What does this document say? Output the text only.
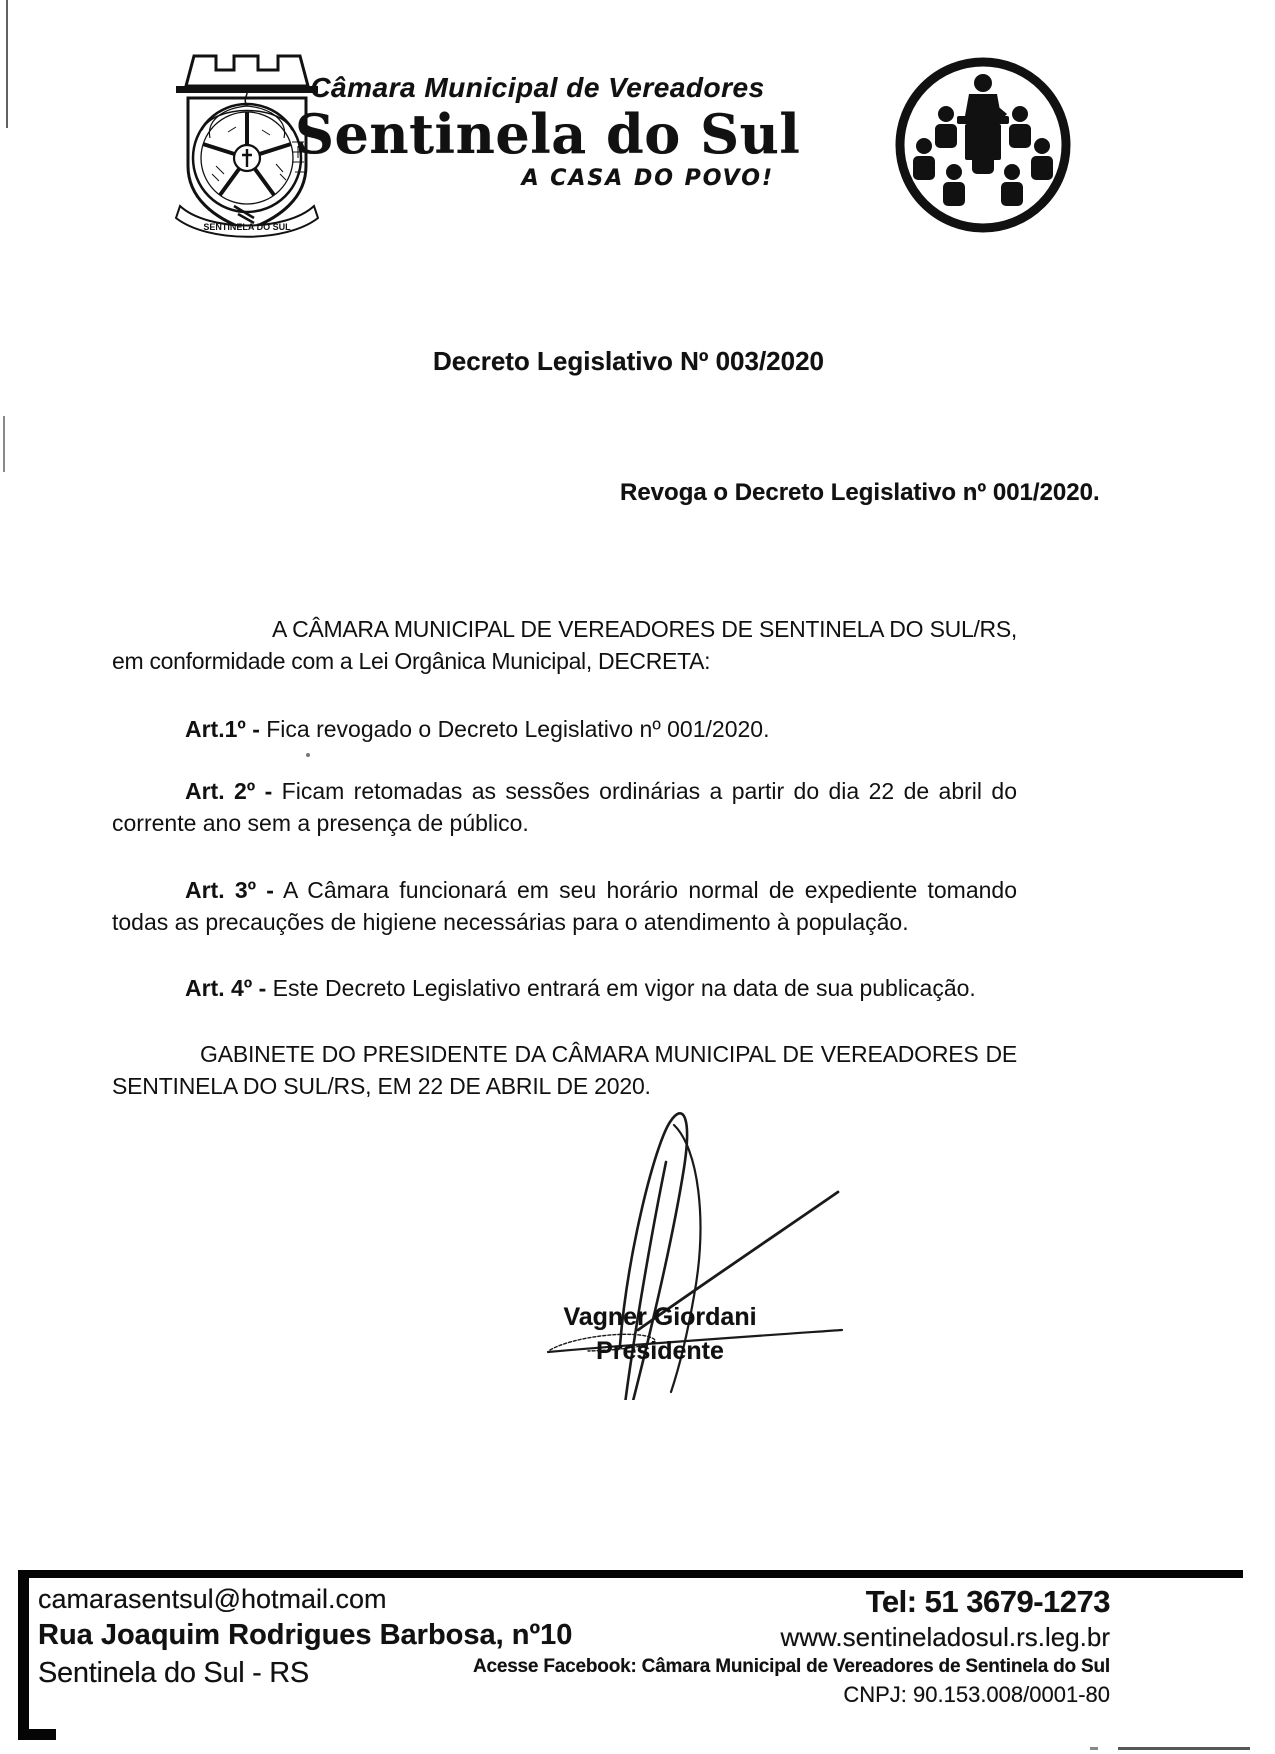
SENTINELA DO SUL
Câmara Municipal de Vereadores
Sentinela do Sul
A CASA DO POVO!
Decreto Legislativo Nº 003/2020
Revoga o Decreto Legislativo nº 001/2020.

A CÂMARA MUNICIPAL DE VEREADORES DE SENTINELA DO SUL/RS, em conformidade com a Lei Orgânica Municipal, DECRETA:

Art.1º - Fica revogado o Decreto Legislativo nº 001/2020.

Art. 2º - Ficam retomadas as sessões ordinárias a partir do dia 22 de abril do corrente ano sem a presença de público.

Art. 3º - A Câmara funcionará em seu horário normal de expediente tomando todas as precauções de higiene necessárias para o atendimento à população.

Art. 4º - Este Decreto Legislativo entrará em vigor na data de sua publicação.

GABINETE DO PRESIDENTE DA CÂMARA MUNICIPAL DE VEREADORES DE SENTINELA DO SUL/RS, EM 22 DE ABRIL DE 2020.

Vagner Giordani
Presidente

camarasentsul@hotmail.com

Rua Joaquim Rodrigues Barbosa, nº10

Sentinela do Sul - RS

Tel: 51 3679-1273

www.sentineladosul.rs.leg.br

Acesse Facebook: Câmara Municipal de Vereadores de Sentinela do Sul

CNPJ: 90.153.008/0001-80
